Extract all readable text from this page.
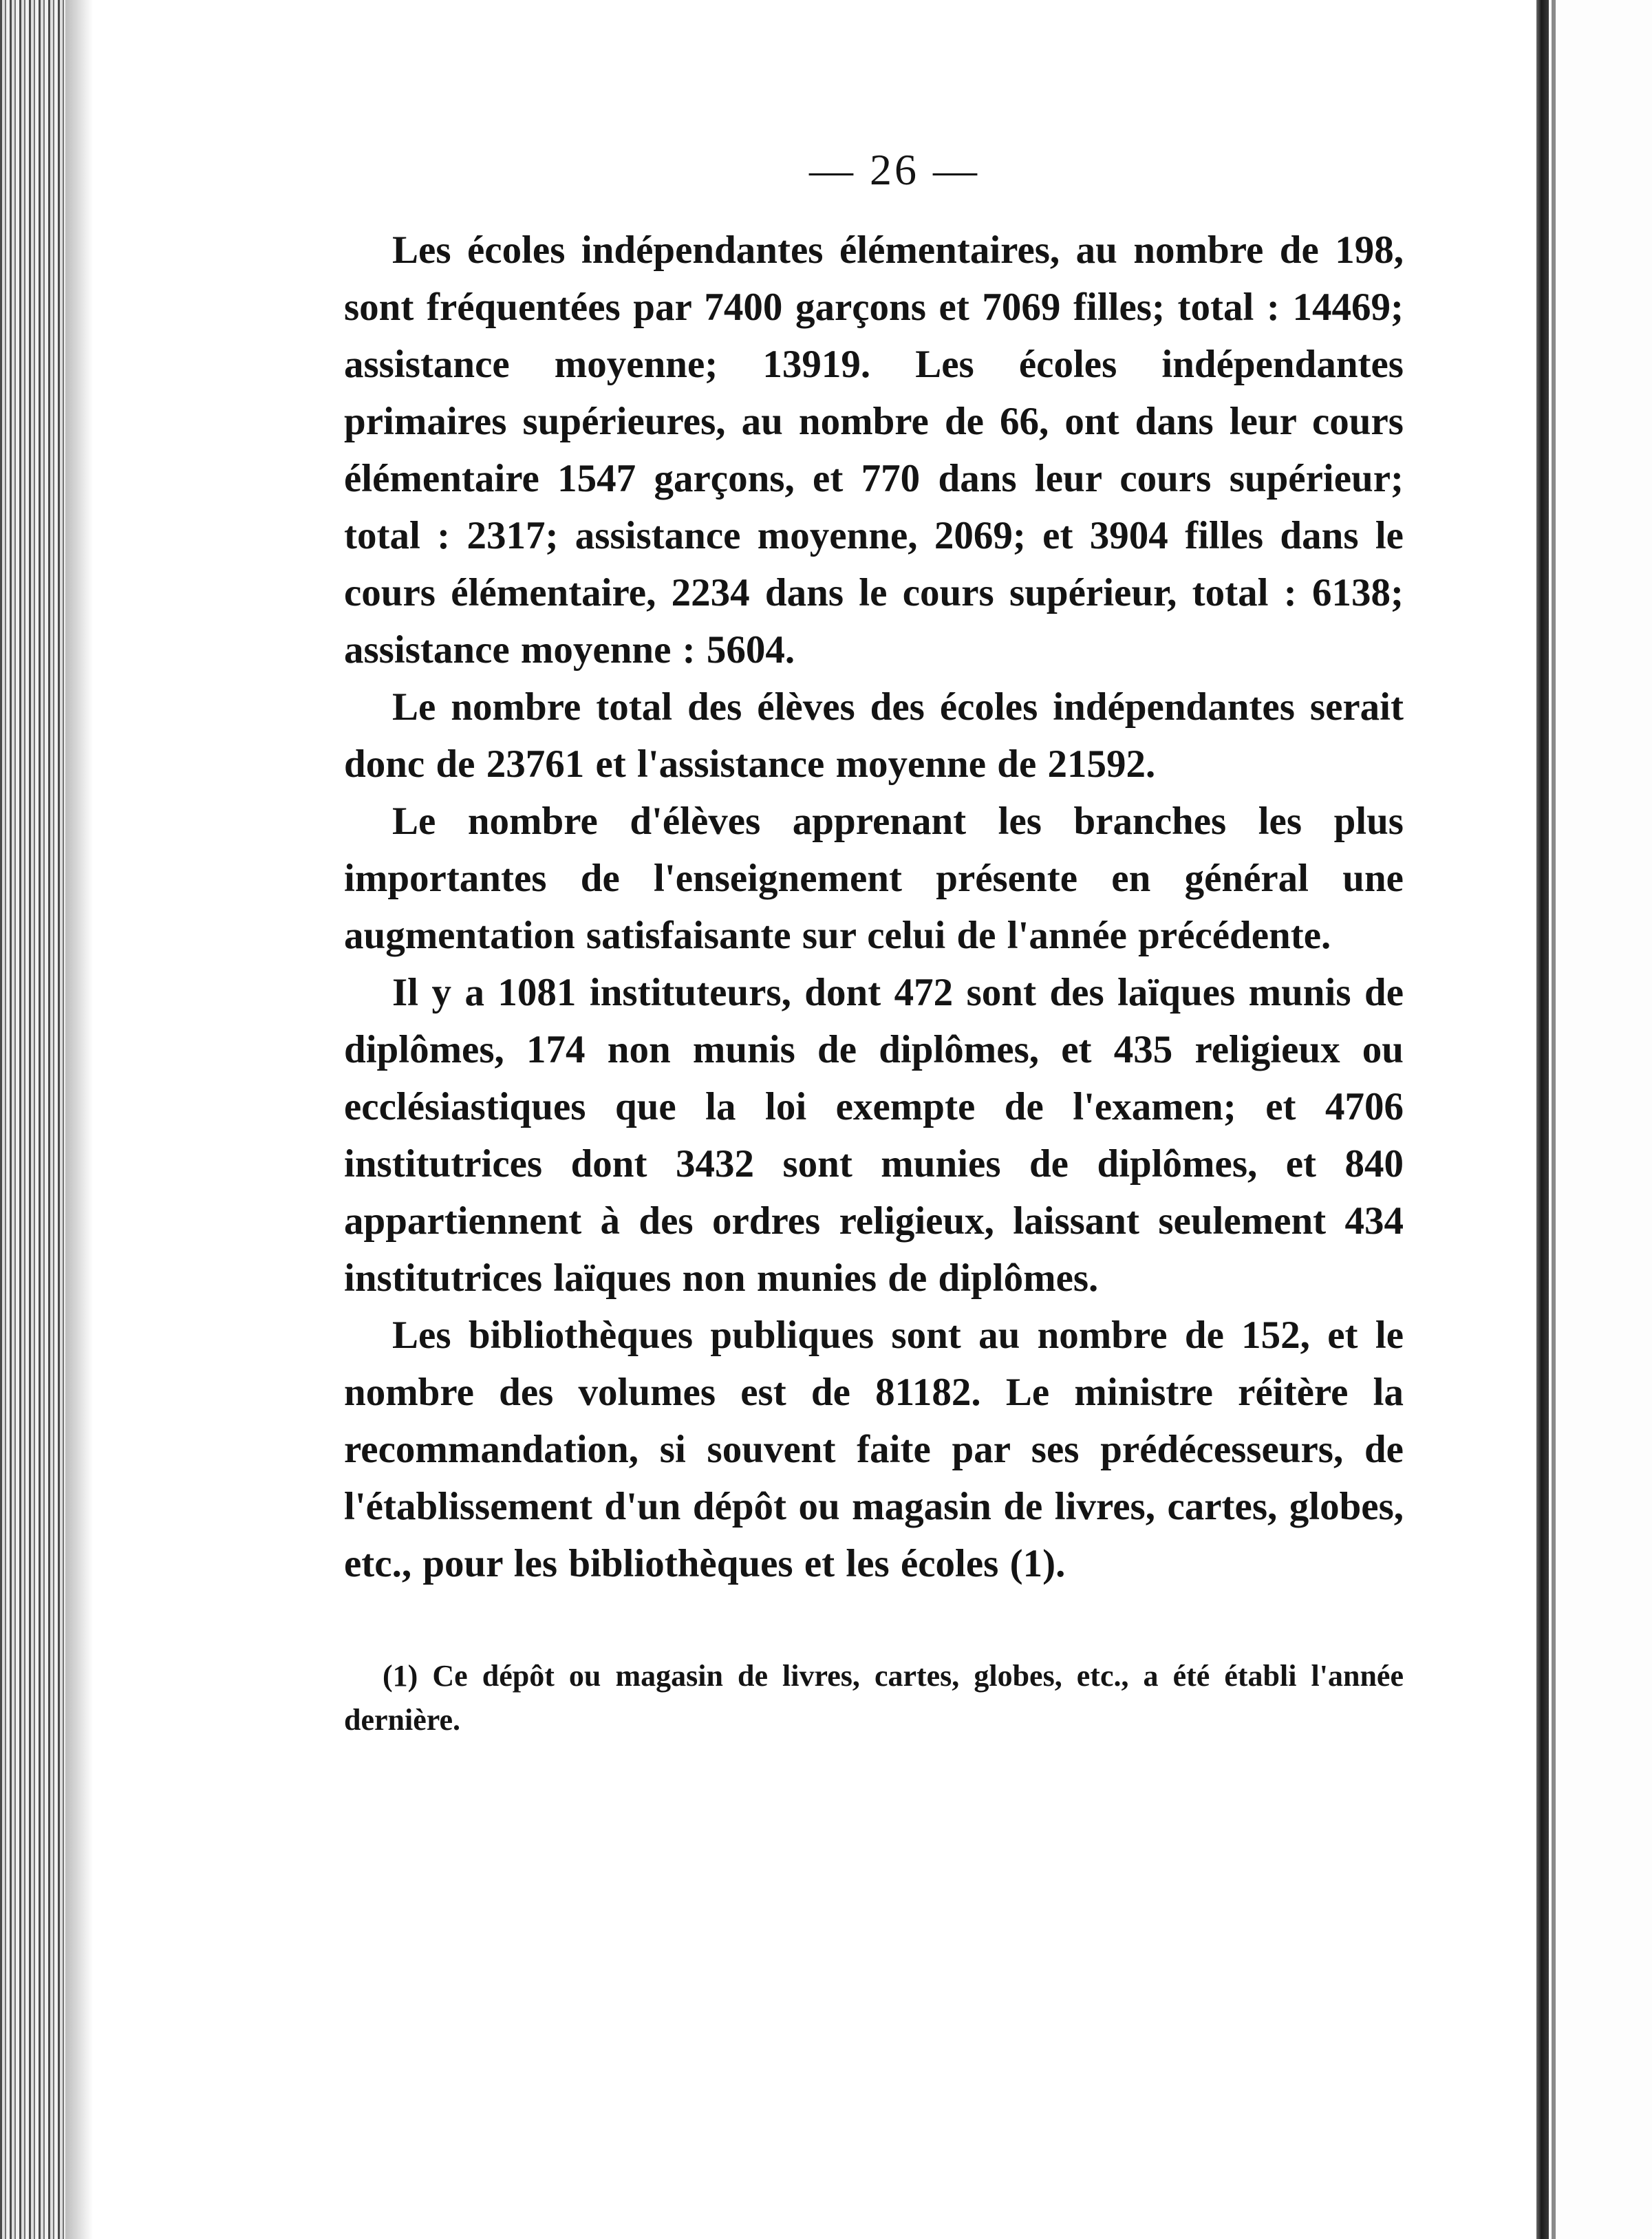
— 26 —

Les écoles indépendantes élémentaires, au nombre de 198, sont fréquentées par 7400 garçons et 7069 filles; total : 14469; assistance moyenne; 13919. Les écoles indépendantes primaires supérieures, au nombre de 66, ont dans leur cours élémentaire 1547 garçons, et 770 dans leur cours supérieur; total : 2317; assistance moyenne, 2069; et 3904 filles dans le cours élémentaire, 2234 dans le cours supérieur, total : 6138; assistance moyenne : 5604.

Le nombre total des élèves des écoles indépendantes serait donc de 23761 et l'assistance moyenne de 21592.

Le nombre d'élèves apprenant les branches les plus importantes de l'enseignement présente en général une augmentation satisfaisante sur celui de l'année précédente.

Il y a 1081 instituteurs, dont 472 sont des laïques munis de diplômes, 174 non munis de diplômes, et 435 religieux ou ecclésiastiques que la loi exempte de l'examen; et 4706 institutrices dont 3432 sont munies de diplômes, et 840 appartiennent à des ordres religieux, laissant seulement 434 institutrices laïques non munies de diplômes.

Les bibliothèques publiques sont au nombre de 152, et le nombre des volumes est de 81182. Le ministre réitère la recommandation, si souvent faite par ses prédécesseurs, de l'établissement d'un dépôt ou magasin de livres, cartes, globes, etc., pour les bibliothèques et les écoles (1).

(1) Ce dépôt ou magasin de livres, cartes, globes, etc., a été établi l'année dernière.
